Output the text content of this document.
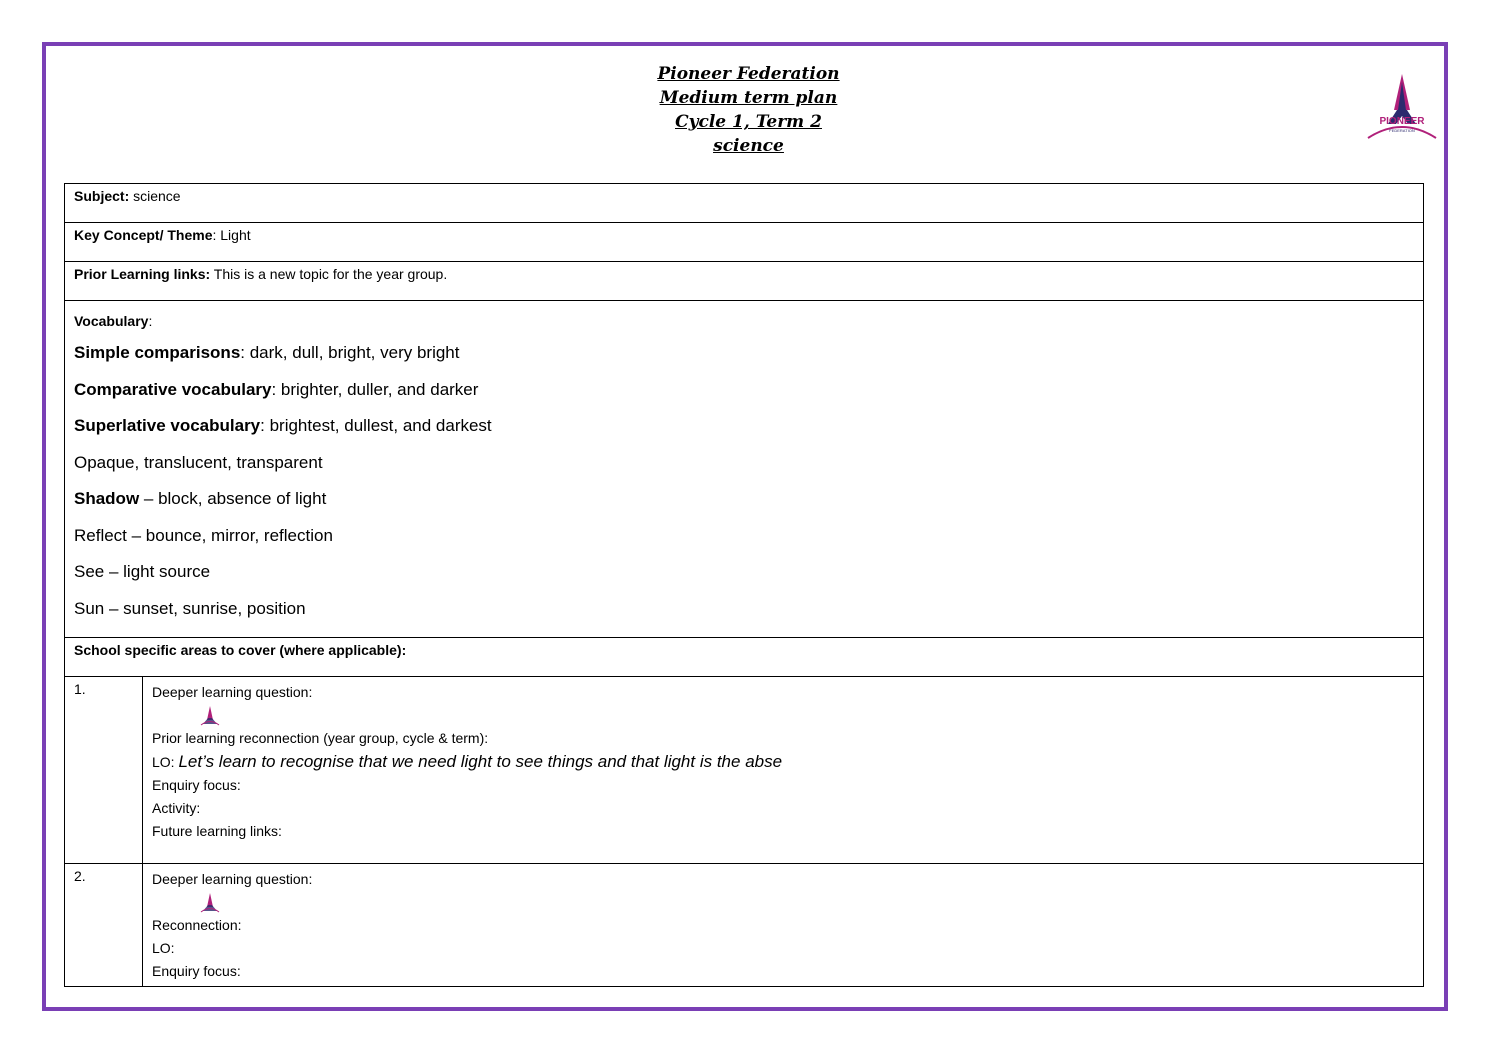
Pioneer Federation
Medium term plan
Cycle 1, Term 2
science
PIONEER
FEDERATION
Subject: science
Key Concept/ Theme: Light
Prior Learning links: This is a new topic for the year group.
Vocabulary:
Simple comparisons: dark, dull, bright, very bright
Comparative vocabulary: brighter, duller, and darker
Superlative vocabulary: brightest, dullest, and darkest
Opaque, translucent, transparent
Shadow – block, absence of light
Reflect – bounce, mirror, reflection
See – light source
Sun – sunset, sunrise, position
School specific areas to cover (where applicable):
1.	Deeper learning question:
Prior learning reconnection (year group, cycle & term):
LO: Let’s learn to recognise that we need light to see things and that light is the abse
Enquiry focus:
Activity:
Future learning links:
2.	Deeper learning question:
Reconnection:
LO:
Enquiry focus:
